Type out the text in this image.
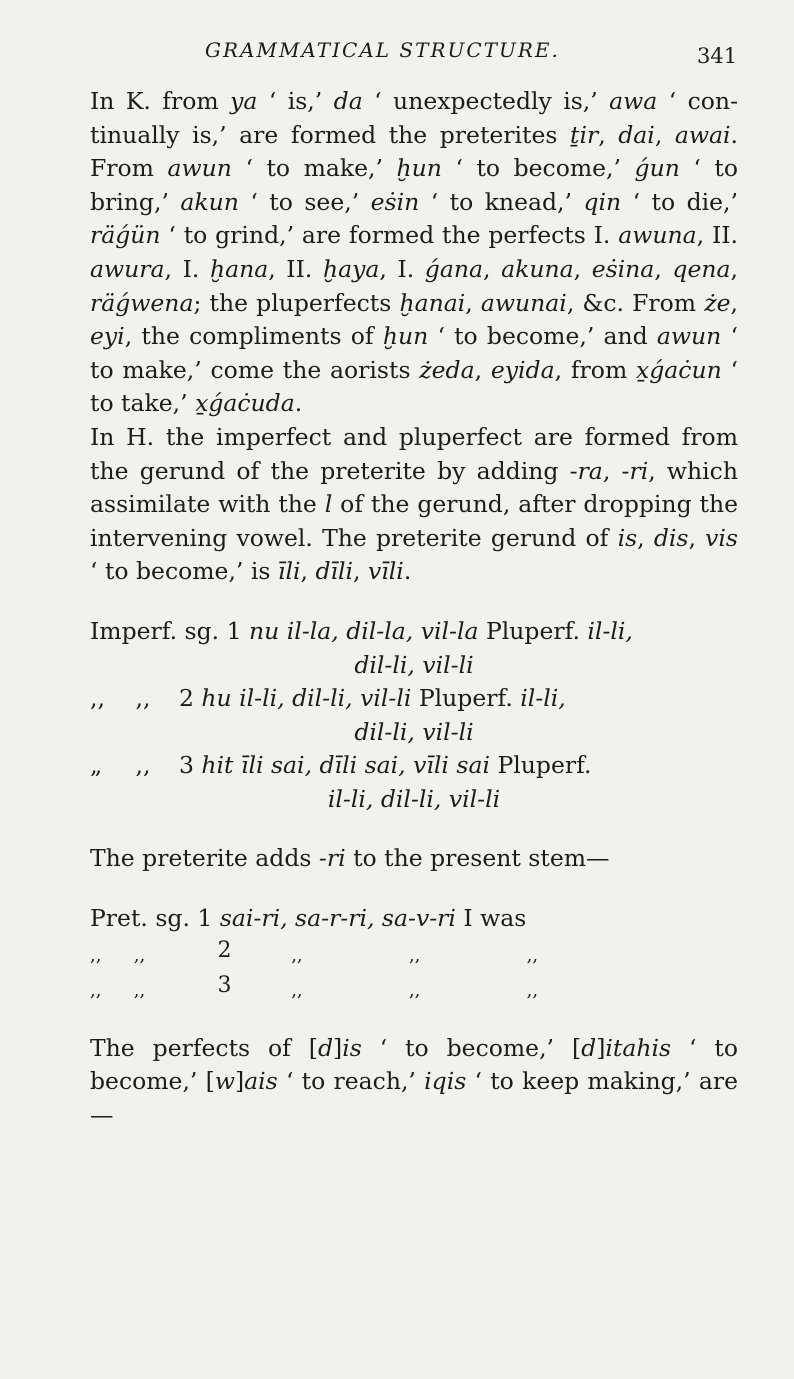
GRAMMATICAL STRUCTURE.	341

In K. from ya ‘ is,’ da ‘ unexpectedly is,’ awa ‘ con-tinually is,’ are formed the preterites ṯir, dai, awai. From awun ‘ to make,’ ḫun ‘ to become,’ ǵun ‘ to bring,’ akun ‘ to see,’ eṡin ‘ to knead,’ qin ‘ to die,’ räǵün ‘ to grind,’ are formed the perfects I. awuna, II. awura, I. ḫana, II. ḫaya, I. ǵana, akuna, eṡina, qena, räǵwena; the pluperfects ḫanai, awunai, &c. From że, eyi, the compliments of ḫun ‘ to become,’ and awun ‘ to make,’ come the aorists żeda, eyida, from x̱ǵaċun ‘ to take,’ x̱ǵaċuda.

In H. the imperfect and pluperfect are formed from the gerund of the preterite by adding -ra, -ri, which assimilate with the l of the gerund, after dropping the intervening vowel. The preterite gerund of is, dis, vis ‘ to become,’ is īli, dīli, vīli.

Imperf. sg. 1 nu il-la, dil-la, vil-la Pluperf. il-li,
dil-li, vil-li
,, ,, 2 hu il-li, dil-li, vil-li Pluperf. il-li,
dil-li, vil-li
„ ,, 3 hit īli sai, dīli sai, vīli sai Pluperf.
il-li, dil-li, vil-li

The preterite adds -ri to the present stem—

Pret. sg. 1 sai-ri, sa-r-ri, sa-v-ri I was
,, ,,	2	,,	,,	,,
,, ,,	3	,,	,,	,,

The perfects of [d]is ‘ to become,’ [d]itahis ‘ to become,’ [w]ais ‘ to reach,’ iqis ‘ to keep making,’ are—
